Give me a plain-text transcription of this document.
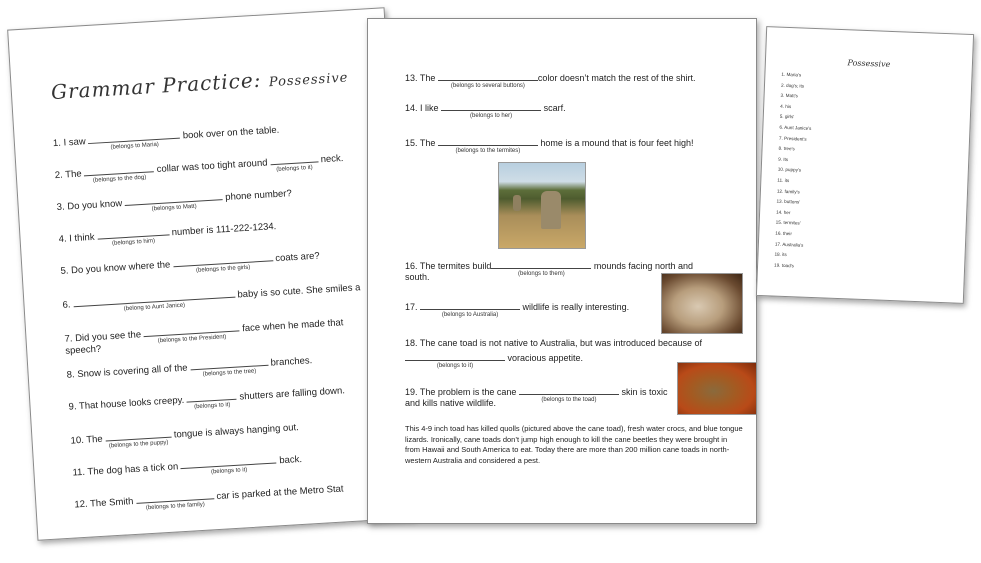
Grammar Practice: Possessive
1. I saw	(belongs to Maria)
book over on the table.
2. The (belongs to the dog)
collar was too tight around (belongs to it)
neck.
3. Do you know	(belongs to Matt)
phone number?
4. I think	(belongs to him)
number is 111-222-1234.
5. Do you know where the	(belongs to the girls)
coats are?
6.	(belong to Aunt Janice)
baby is so cute. She smiles a
7. Did you see the	(belongs to the President)
face when he made that
speech?
8. Snow is covering all of the (belongs to the tree)
branches.
9. That house looks creepy. (belongs to it)
shutters are falling down.
10. The (belongs to the puppy)
tongue is always hanging out.
11. The dog has a tick on	(belongs to it)
back.
12. The Smith (belongs to the family)
car is parked at the Metro Stat
13. The
(belongs to several buttons)
color doesn’t match the rest of the shirt.
14. I like
(belongs to her)
scarf.
15. The
(belongs to the termites)
home is a mound that is four feet high!
16. The termites build
(belongs to them)
mounds facing north and
south.
17.
(belongs to Australia)
wildlife is really interesting.
18. The cane toad is not native to Australia, but was introduced because of
(belongs to it)
voracious appetite.
19. The problem is the cane
(belongs to the toad)
skin is toxic
and kills native wildlife.
This 4-9 inch toad has killed quolls (pictured above the cane toad), fresh water crocs, and blue tongue lizards. Ironically, cane toads don’t jump high enough to kill the cane beetles they were brought in from Hawaii and South America to eat. Today there are more than 200 million cane toads in north-western Australia and considered a pest.
Possessive
1. Maria's
2. dog's; its
3. Matt's
4. his
5. girls'
6. Aunt Janice's
7. President's
8. tree's
9. Its
10. puppy's
11. its
12. family's
13. buttons'
14. her
15. termites'
16. their
17. Australia's
18. its
19. toad's
